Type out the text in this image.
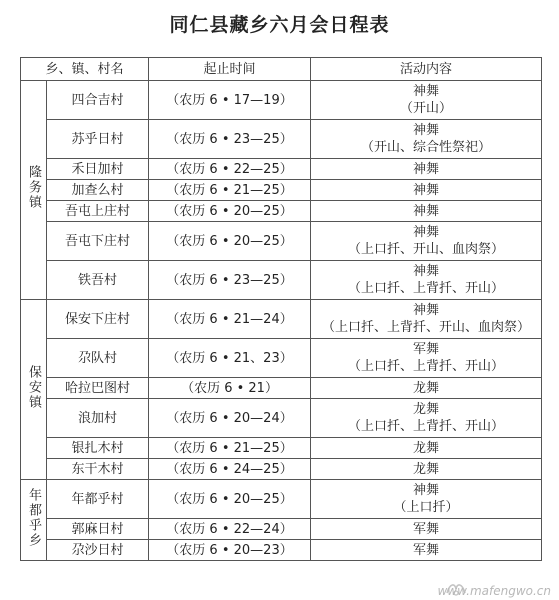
同仁县藏乡六月会日程表
乡、镇、村名		起止时间	活动内容
隆务镇	四合吉村	（农历 6 • 17—19）	神舞
（开山）

	苏乎日村	（农历 6 • 23—25）	神舞
（开山、综合性祭祀）

	禾日加村	（农历 6 • 22—25）	神舞

	加查么村	（农历 6 • 21—25）	神舞

	吾屯上庄村	（农历 6 • 20—25）	神舞

	吾屯下庄村	（农历 6 • 20—25）	神舞
（上口扦、开山、血肉祭）

	铁吾村	（农历 6 • 23—25）	神舞
（上口扦、上背扦、开山）

保安镇	保安下庄村	（农历 6 • 21—24）	神舞
（上口扦、上背扦、开山、血肉祭）

	尕队村	（农历 6 • 21、23）	军舞
（上口扦、上背扦、开山）

	哈拉巴图村	（农历 6 • 21）	龙舞

	浪加村	（农历 6 • 20—24）	龙舞
（上口扦、上背扦、开山）

	银扎木村	（农历 6 • 21—25）	龙舞

	东干木村	（农历 6 • 24—25）	龙舞

年都乎乡	年都乎村	（农历 6 • 20—25）	神舞
（上口扦）

	郭麻日村	（农历 6 • 22—24）	军舞

	尕沙日村	（农历 6 • 20—23）	军舞
www.mafengwo.cn
